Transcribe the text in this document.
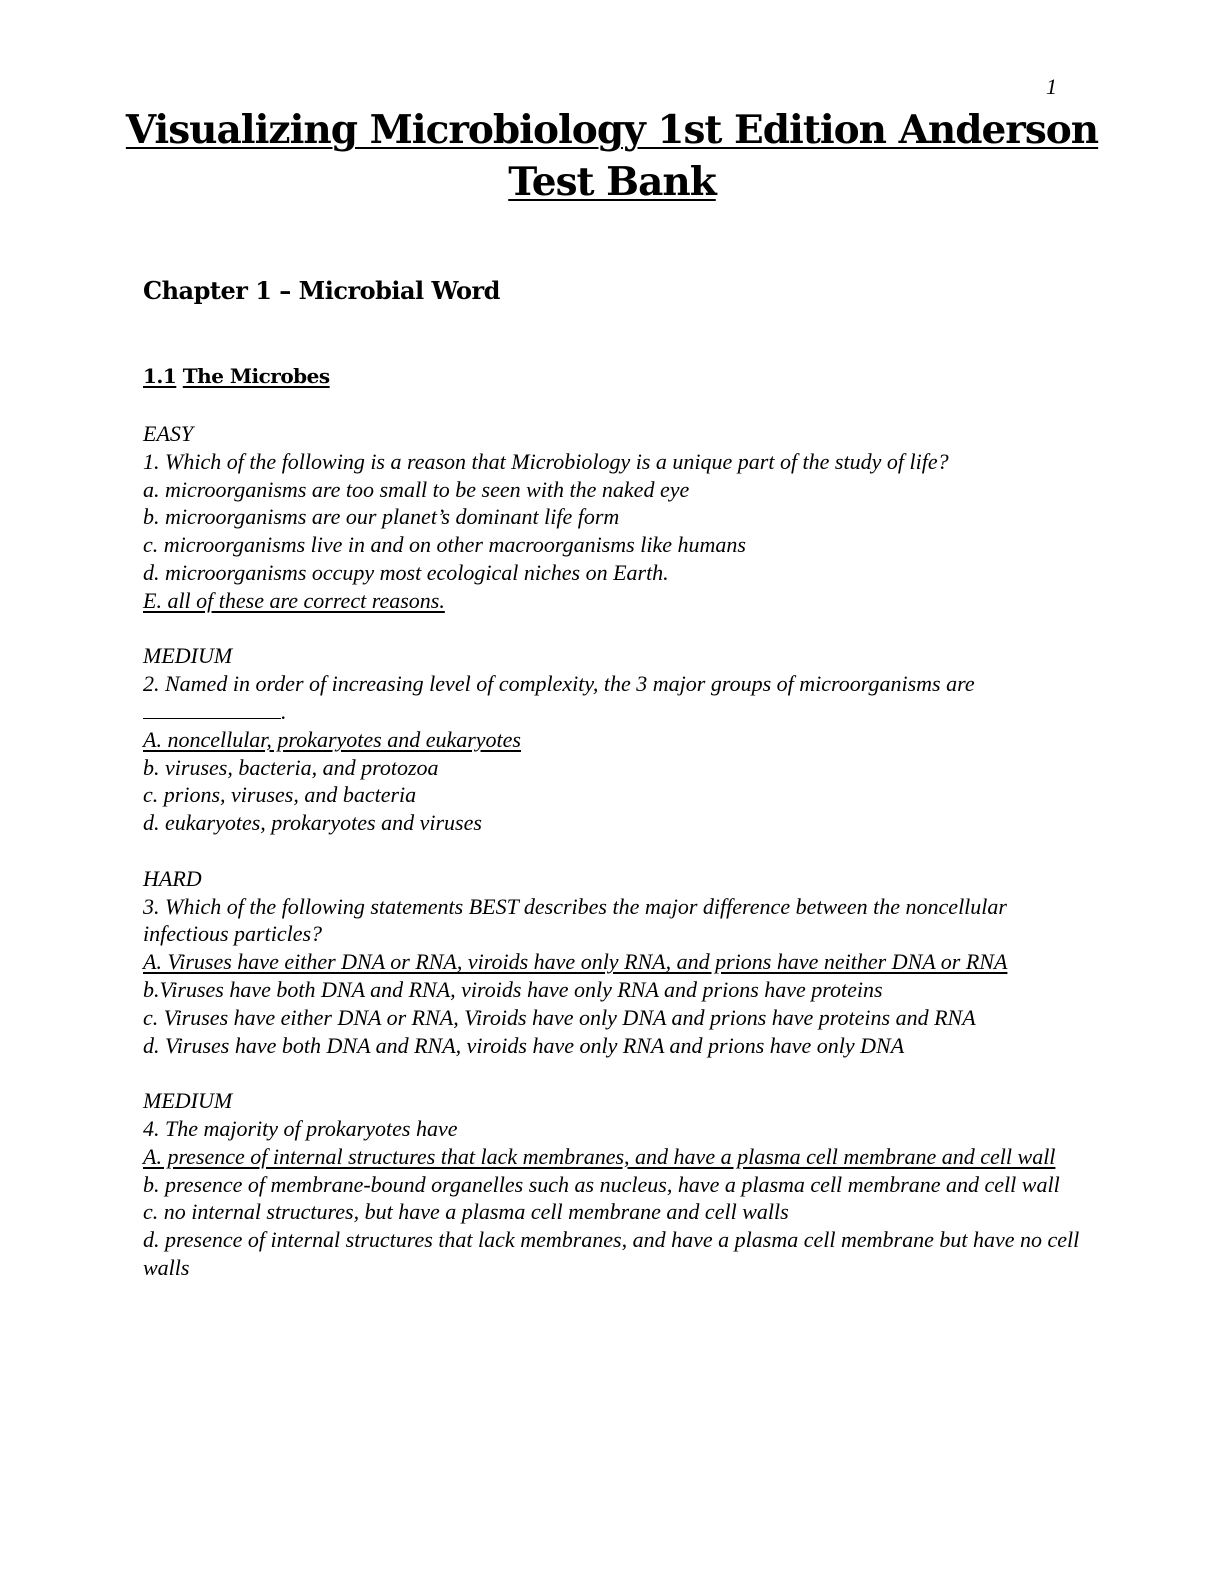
1
Visualizing Microbiology 1st Edition Anderson
Test Bank
Chapter 1 – Microbial Word
1.1 The Microbes
EASY
1. Which of the following is a reason that Microbiology is a unique part of the study of life?
a. microorganisms are too small to be seen with the naked eye
b. microorganisms are our planet’s dominant life form
c. microorganisms live in and on other macroorganisms like humans
d. microorganisms occupy most ecological niches on Earth.
E. all of these are correct reasons.
MEDIUM
2. Named in order of increasing level of complexity, the 3 major groups of microorganisms are
.
A. noncellular, prokaryotes and eukaryotes
b. viruses, bacteria, and protozoa
c. prions, viruses, and bacteria
d. eukaryotes, prokaryotes and viruses
HARD
3. Which of the following statements BEST describes the major difference between the noncellular infectious particles?
A. Viruses have either DNA or RNA, viroids have only RNA, and prions have neither DNA or RNA
b.Viruses have both DNA and RNA, viroids have only RNA and prions have proteins
c. Viruses have either DNA or RNA, Viroids have only DNA and prions have proteins and RNA
d. Viruses have both DNA and RNA, viroids have only RNA and prions have only DNA
MEDIUM
4. The majority of prokaryotes have
A. presence of internal structures that lack membranes, and have a plasma cell membrane and cell wall
b. presence of membrane-bound organelles such as nucleus, have a plasma cell membrane and cell wall
c. no internal structures, but have a plasma cell membrane and cell walls
d. presence of internal structures that lack membranes, and have a plasma cell membrane but have no cell walls
